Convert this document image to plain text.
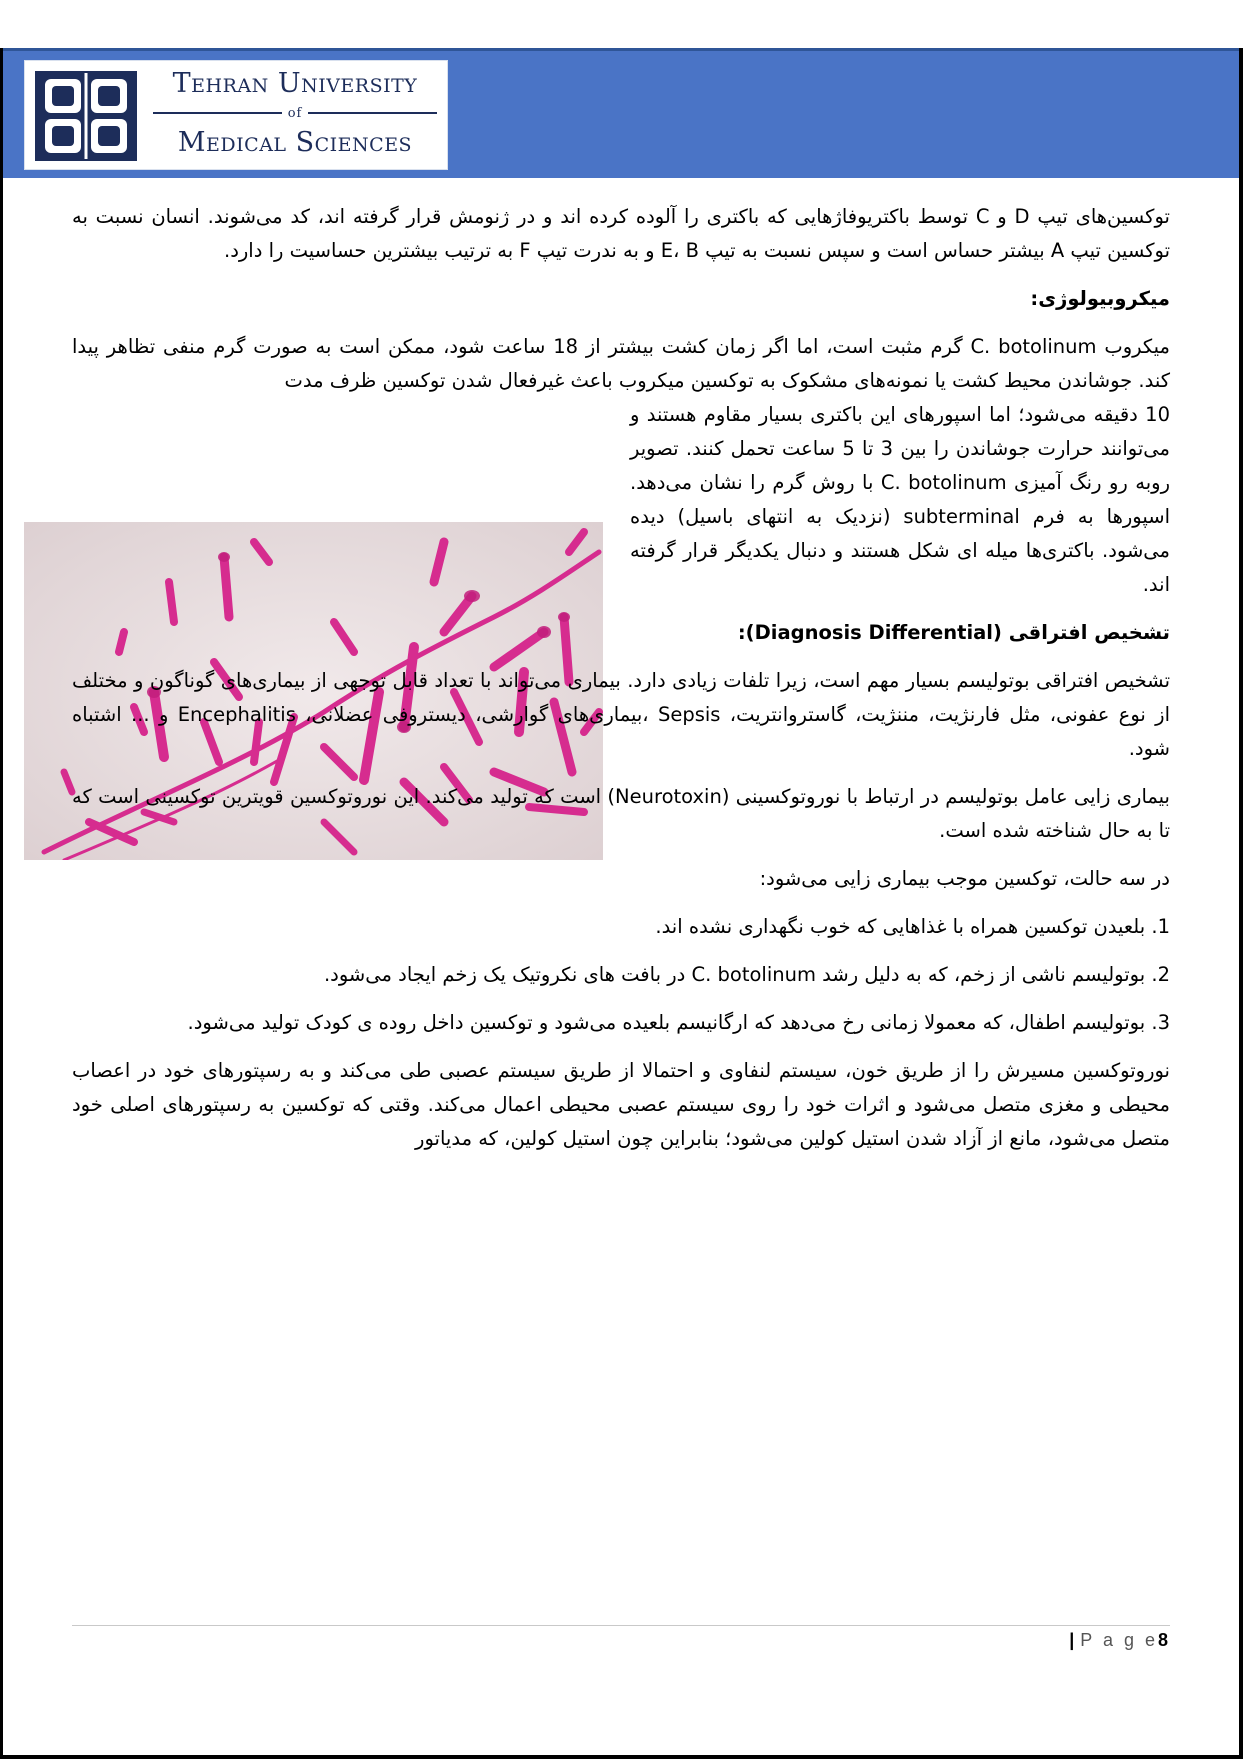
Tehran University
of
Medical Sciences

توکسین‌های تیپ D و C توسط باکتریوفاژهایی که باکتری را آلوده کرده اند و در ژنومش قرار گرفته اند، کد می‌شوند. انسان نسبت به توکسین تیپ A بیشتر حساس است و سپس نسبت به تیپ E، B و به ندرت تیپ F به ترتیب بیشترین حساسیت را دارد.

میکروبیولوژی:

میکروب C. botolinum گرم مثبت است، اما اگر زمان کشت بیشتر از 18 ساعت شود، ممکن است به صورت گرم منفی تظاهر پیدا کند. جوشاندن محیط کشت یا نمونه‌های مشکوک به توکسین میکروب باعث غیرفعال شدن توکسین ظرف مدت

10 دقیقه می‌شود؛ اما اسپورهای این باکتری بسیار مقاوم هستند و می‌توانند حرارت جوشاندن را بین 3 تا 5 ساعت تحمل کنند. تصویر روبه رو رنگ آمیزی C. botolinum با روش گرم را نشان می‌دهد. اسپورها به فرم subterminal (نزدیک به انتهای باسیل) دیده می‌شود. باکتری‌ها میله ای شکل هستند و دنبال یکدیگر قرار گرفته اند.

تشخیص افتراقی (Diagnosis Differential):

تشخیص افتراقی بوتولیسم بسیار مهم است، زیرا تلفات زیادی دارد. بیماری می‌تواند با تعداد قابل توجهی از بیماری‌های گوناگون و مختلف از نوع عفونی، مثل فارنژیت، مننژیت، گاستروانتریت، Sepsis ،بیماری‌های گوارشی، دیستروفی عضلانی، Encephalitis و ... اشتباه شود.

بیماری زایی عامل بوتولیسم در ارتباط با نوروتوکسینی (Neurotoxin) است که تولید می‌کند. این نوروتوکسین قویترین توکسینی است که تا به حال شناخته شده است.

در سه حالت، توکسین موجب بیماری زایی می‌شود:

1. بلعیدن توکسین همراه با غذاهایی که خوب نگهداری نشده اند.

2. بوتولیسم ناشی از زخم، که به دلیل رشد C. botolinum در بافت های نکروتیک یک زخم ایجاد می‌شود.

3. بوتولیسم اطفال، که معمولا زمانی رخ می‌دهد که ارگانیسم بلعیده می‌شود و توکسین داخل روده ی کودک تولید می‌شود.

نوروتوکسین مسیرش را از طریق خون، سیستم لنفاوی و احتمالا از طریق سیستم عصبی طی می‌کند و به رسپتورهای خود در اعصاب محیطی و مغزی متصل می‌شود و اثرات خود را روی سیستم عصبی محیطی اعمال می‌کند. وقتی که توکسین به رسپتورهای اصلی خود متصل می‌شود، مانع از آزاد شدن استیل کولین می‌شود؛ بنابراین چون استیل کولین، که مدیاتور

| P a g e8
